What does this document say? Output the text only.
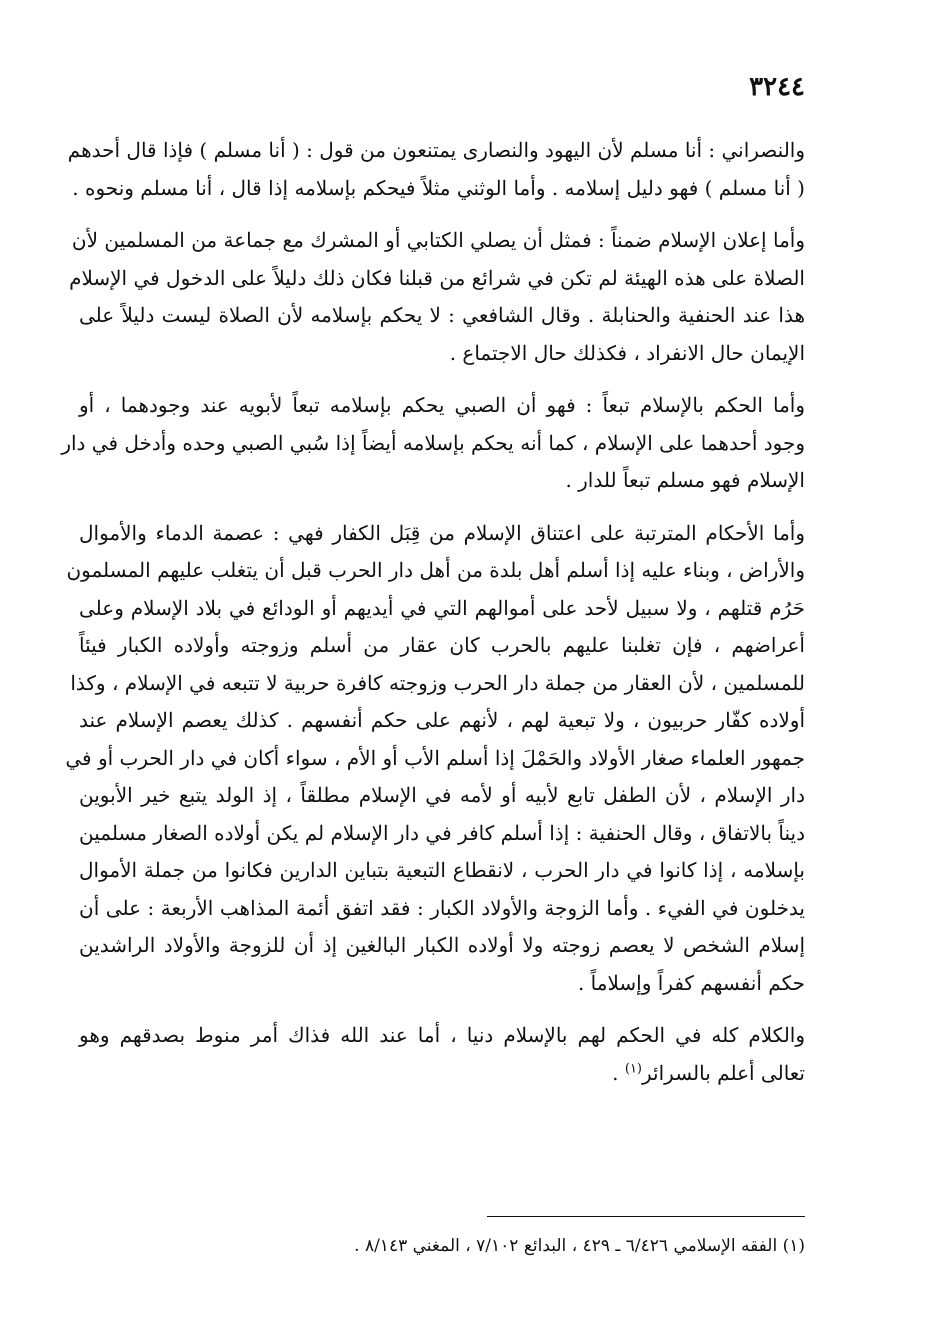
٣٢٤٤

والنصراني : أنا مسلم لأن اليهود والنصارى يمتنعون من قول : ( أنا مسلم ) فإذا قال أحدهم
( أنا مسلم ) فهو دليل إسلامه . وأما الوثني مثلاً فيحكم بإسلامه إذا قال ، أنا مسلم ونحوه .

وأما إعلان الإسلام ضمناً : فمثل أن يصلي الكتابي أو المشرك مع جماعة من المسلمين لأن
الصلاة على هذه الهيئة لم تكن في شرائع من قبلنا فكان ذلك دليلاً على الدخول في الإسلام
هذا عند الحنفية والحنابلة . وقال الشافعي : لا يحكم بإسلامه لأن الصلاة ليست دليلاً على
الإيمان حال الانفراد ، فكذلك حال الاجتماع .

وأما الحكم بالإسلام تبعاً : فهو أن الصبي يحكم بإسلامه تبعاً لأبويه عند وجودهما ، أو
وجود أحدهما على الإسلام ، كما أنه يحكم بإسلامه أيضاً إذا سُبي الصبي وحده وأدخل في دار
الإسلام فهو مسلم تبعاً للدار .

وأما الأحكام المترتبة على اعتناق الإسلام من قِبَل الكفار فهي : عصمة الدماء والأموال
والأراض ، وبناء عليه إذا أسلم أهل بلدة من أهل دار الحرب قبل أن يتغلب عليهم المسلمون
حَرُم قتلهم ، ولا سبيل لأحد على أموالهم التي في أيديهم أو الودائع في بلاد الإسلام وعلى
أعراضهم ، فإن تغلبنا عليهم بالحرب كان عقار من أسلم وزوجته وأولاده الكبار فيئاً
للمسلمين ، لأن العقار من جملة دار الحرب وزوجته كافرة حربية لا تتبعه في الإسلام ، وكذا
أولاده كفّار حربيون ، ولا تبعية لهم ، لأنهم على حكم أنفسهم . كذلك يعصم الإسلام عند
جمهور العلماء صغار الأولاد والحَمْلَ إذا أسلم الأب أو الأم ، سواء أكان في دار الحرب أو في
دار الإسلام ، لأن الطفل تابع لأبيه أو لأمه في الإسلام مطلقاً ، إذ الولد يتبع خير الأبوين
ديناً بالاتفاق ، وقال الحنفية : إذا أسلم كافر في دار الإسلام لم يكن أولاده الصغار مسلمين
بإسلامه ، إذا كانوا في دار الحرب ، لانقطاع التبعية بتباين الدارين فكانوا من جملة الأموال
يدخلون في الفيء . وأما الزوجة والأولاد الكبار : فقد اتفق أئمة المذاهب الأربعة : على أن
إسلام الشخص لا يعصم زوجته ولا أولاده الكبار البالغين إذ أن للزوجة والأولاد الراشدين
حكم أنفسهم كفراً وإسلاماً .

والكلام كله في الحكم لهم بالإسلام دنيا ، أما عند الله فذاك أمر منوط بصدقهم وهو
تعالى أعلم بالسرائر$^{(١)}$ .

(١) الفقه الإسلامي ٦/٤٢٦ ـ ٤٢٩ ، البدائع ٧/١٠٢ ، المغني ٨/١٤٣ .
